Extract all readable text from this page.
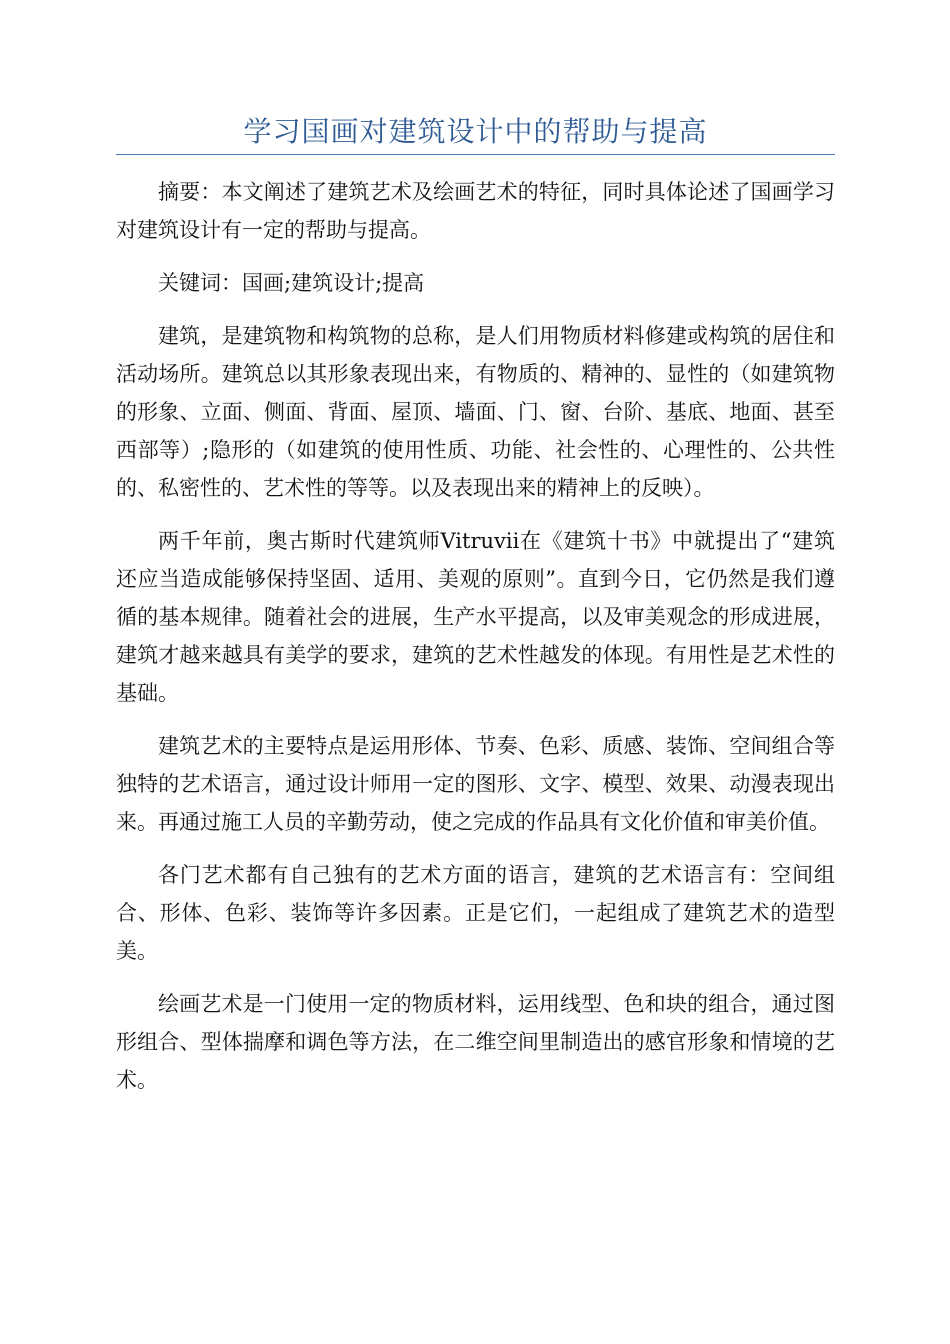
学习国画对建筑设计中的帮助与提高

摘要：本文阐述了建筑艺术及绘画艺术的特征，同时具体论述了国画学习对建筑设计有一定的帮助与提高。

关键词：国画;建筑设计;提高

建筑，是建筑物和构筑物的总称，是人们用物质材料修建或构筑的居住和活动场所。建筑总以其形象表现出来，有物质的、精神的、显性的（如建筑物的形象、立面、侧面、背面、屋顶、墙面、门、窗、台阶、基底、地面、甚至西部等）;隐形的（如建筑的使用性质、功能、社会性的、心理性的、公共性的、私密性的、艺术性的等等。以及表现出来的精神上的反映）。

两千年前，奥古斯时代建筑师Vitruvii在《建筑十书》中就提出了“建筑还应当造成能够保持坚固、适用、美观的原则”。直到今日，它仍然是我们遵循的基本规律。随着社会的进展，生产水平提高，以及审美观念的形成进展，建筑才越来越具有美学的要求，建筑的艺术性越发的体现。有用性是艺术性的基础。

建筑艺术的主要特点是运用形体、节奏、色彩、质感、装饰、空间组合等独特的艺术语言，通过设计师用一定的图形、文字、模型、效果、动漫表现出来。再通过施工人员的辛勤劳动，使之完成的作品具有文化价值和审美价值。

各门艺术都有自己独有的艺术方面的语言，建筑的艺术语言有：空间组合、形体、色彩、装饰等许多因素。正是它们，一起组成了建筑艺术的造型美。

绘画艺术是一门使用一定的物质材料，运用线型、色和块的组合，通过图形组合、型体揣摩和调色等方法，在二维空间里制造出的感官形象和情境的艺术。
